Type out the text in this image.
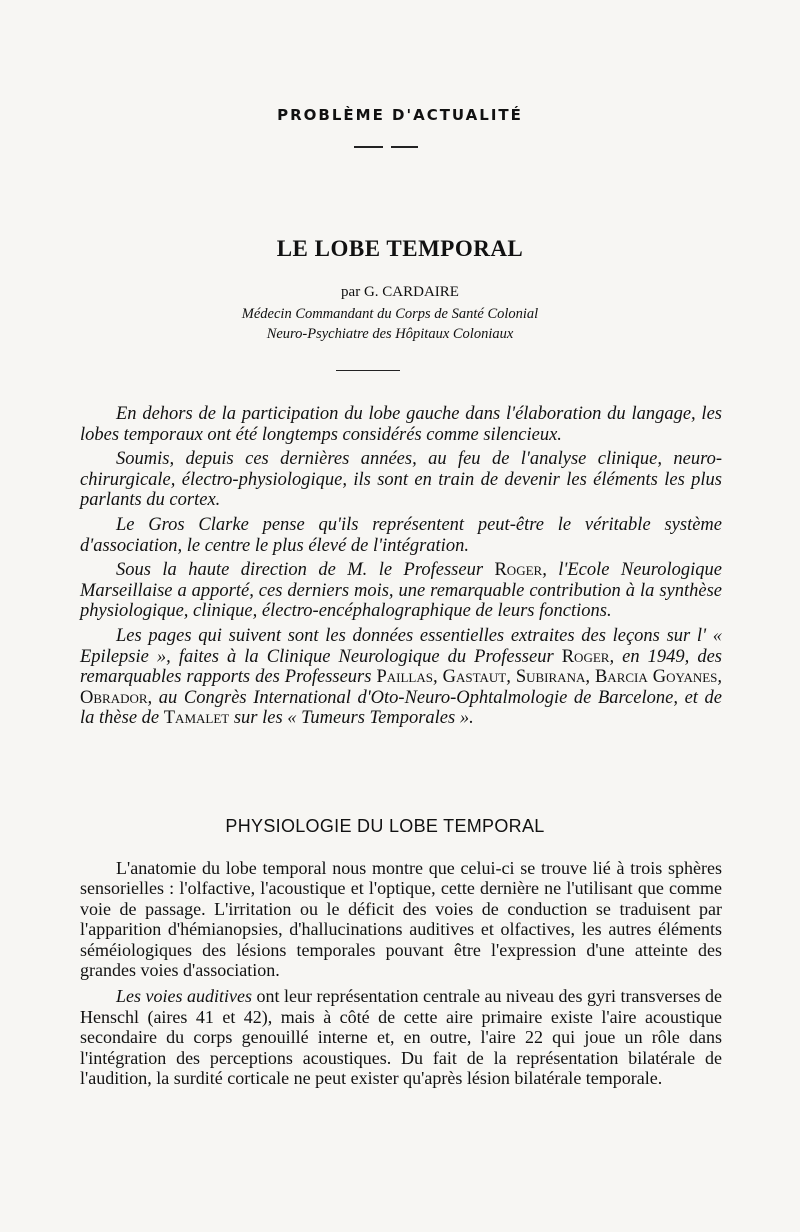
PROBLÈME D'ACTUALITÉ
LE LOBE TEMPORAL
par G. CARDAIRE
Médecin Commandant du Corps de Santé Colonial
Neuro-Psychiatre des Hôpitaux Coloniaux

En dehors de la participation du lobe gauche dans l'élaboration du langage, les lobes temporaux ont été longtemps considérés comme silencieux.

Soumis, depuis ces dernières années, au feu de l'analyse clinique, neuro-chirurgicale, électro-physiologique, ils sont en train de devenir les éléments les plus parlants du cortex.

Le Gros Clarke pense qu'ils représentent peut-être le véritable système d'association, le centre le plus élevé de l'intégration.

Sous la haute direction de M. le Professeur Roger, l'Ecole Neurologique Marseillaise a apporté, ces derniers mois, une remarquable contribution à la synthèse physiologique, clinique, électro-encéphalographique de leurs fonctions.

Les pages qui suivent sont les données essentielles extraites des leçons sur l' « Epilepsie », faites à la Clinique Neurologique du Professeur Roger, en 1949, des remarquables rapports des Professeurs Paillas, Gastaut, Subirana, Barcia Goyanes, Obrador, au Congrès International d'Oto-Neuro-Ophtalmologie de Barcelone, et de la thèse de Tamalet sur les « Tumeurs Temporales ».

PHYSIOLOGIE DU LOBE TEMPORAL

L'anatomie du lobe temporal nous montre que celui-ci se trouve lié à trois sphères sensorielles : l'olfactive, l'acoustique et l'optique, cette dernière ne l'utilisant que comme voie de passage. L'irritation ou le déficit des voies de conduction se traduisent par l'apparition d'hémianopsies, d'hallucinations auditives et olfactives, les autres éléments séméiologiques des lésions temporales pouvant être l'expression d'une atteinte des grandes voies d'association.

Les voies auditives ont leur représentation centrale au niveau des gyri transverses de Henschl (aires 41 et 42), mais à côté de cette aire primaire existe l'aire acoustique secondaire du corps genouillé interne et, en outre, l'aire 22 qui joue un rôle dans l'intégration des perceptions acoustiques. Du fait de la représentation bilatérale de l'audition, la surdité corticale ne peut exister qu'après lésion bilatérale temporale.
